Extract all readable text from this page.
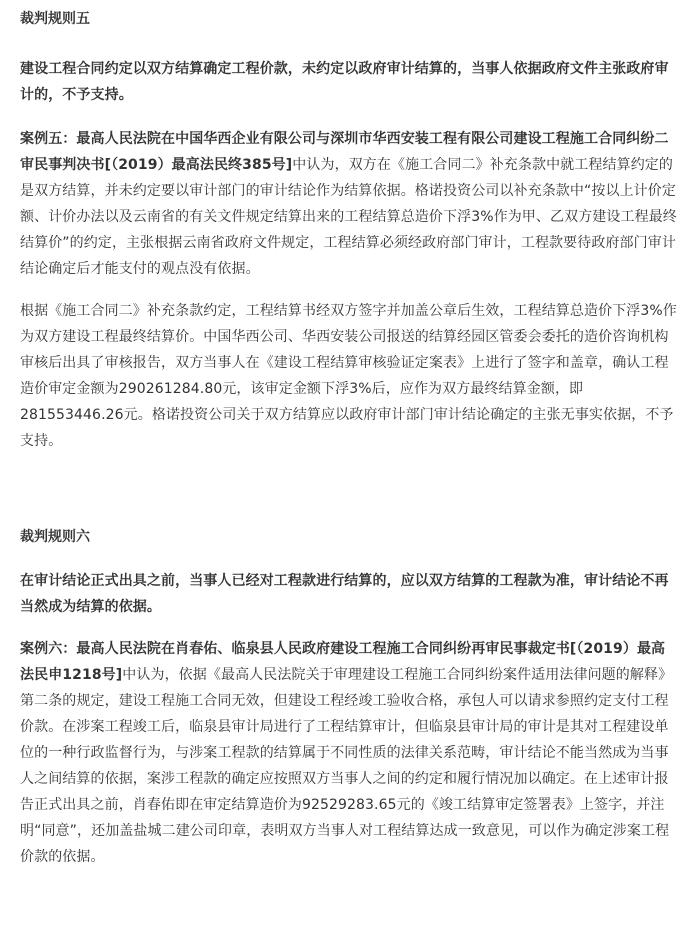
裁判规则五

建设工程合同约定以双方结算确定工程价款，未约定以政府审计结算的，当事人依据政府文件主张政府审计的，不予支持。

案例五：最高人民法院在中国华西企业有限公司与深圳市华西安装工程有限公司建设工程施工合同纠纷二审民事判决书[（2019）最高法民终385号]中认为，双方在《施工合同二》补充条款中就工程结算约定的是双方结算，并未约定要以审计部门的审计结论作为结算依据。格诺投资公司以补充条款中“按以上计价定额、计价办法以及云南省的有关文件规定结算出来的工程结算总造价下浮3%作为甲、乙双方建设工程最终结算价”的约定，主张根据云南省政府文件规定，工程结算必须经政府部门审计，工程款要待政府部门审计结论确定后才能支付的观点没有依据。

根据《施工合同二》补充条款约定，工程结算书经双方签字并加盖公章后生效，工程结算总造价下浮3%作为双方建设工程最终结算价。中国华西公司、华西安装公司报送的结算经园区管委会委托的造价咨询机构审核后出具了审核报告，双方当事人在《建设工程结算审核验证定案表》上进行了签字和盖章，确认工程造价审定金额为290261284.80元，该审定金额下浮3%后，应作为双方最终结算金额，即281553446.26元。格诺投资公司关于双方结算应以政府审计部门审计结论确定的主张无事实依据，不予支持。

裁判规则六

在审计结论正式出具之前，当事人已经对工程款进行结算的，应以双方结算的工程款为准，审计结论不再当然成为结算的依据。

案例六：最高人民法院在肖春佑、临泉县人民政府建设工程施工合同纠纷再审民事裁定书[（2019）最高法民申1218号]中认为，依据《最高人民法院关于审理建设工程施工合同纠纷案件适用法律问题的解释》第二条的规定，建设工程施工合同无效，但建设工程经竣工验收合格，承包人可以请求参照约定支付工程价款。在涉案工程竣工后，临泉县审计局进行了工程结算审计，但临泉县审计局的审计是其对工程建设单位的一种行政监督行为，与涉案工程款的结算属于不同性质的法律关系范畴，审计结论不能当然成为当事人之间结算的依据，案涉工程款的确定应按照双方当事人之间的约定和履行情况加以确定。在上述审计报告正式出具之前，肖春佑即在审定结算造价为92529283.65元的《竣工结算审定签署表》上签字，并注明“同意”，还加盖盐城二建公司印章，表明双方当事人对工程结算达成一致意见，可以作为确定涉案工程价款的依据。
